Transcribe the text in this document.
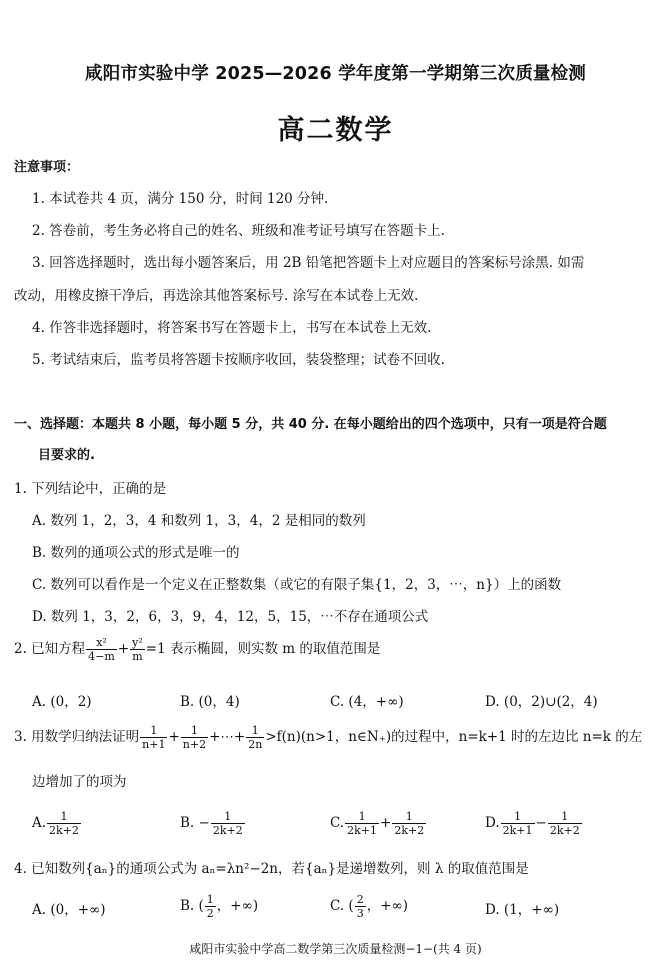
咸阳市实验中学 2025—2026 学年度第一学期第三次质量检测
高二数学
注意事项：
1. 本试卷共 4 页，满分 150 分，时间 120 分钟.
2. 答卷前，考生务必将自己的姓名、班级和准考证号填写在答题卡上.
3. 回答选择题时，选出每小题答案后，用 2B 铅笔把答题卡上对应题目的答案标号涂黑. 如需
改动，用橡皮擦干净后，再选涂其他答案标号. 涂写在本试卷上无效.
4. 作答非选择题时，将答案书写在答题卡上，书写在本试卷上无效.
5. 考试结束后，监考员将答题卡按顺序收回，装袋整理；试卷不回收.
一、选择题：本题共 8 小题，每小题 5 分，共 40 分. 在每小题给出的四个选项中，只有一项是符合题
目要求的.
1. 下列结论中，正确的是
A. 数列 1，2，3，4 和数列 1，3，4，2 是相同的数列
B. 数列的通项公式的形式是唯一的
C. 数列可以看作是一个定义在正整数集（或它的有限子集{1，2，3，⋯，n}）上的函数
D. 数列 1，3，2，6，3，9，4，12，5，15，⋯不存在通项公式
2. 已知方程 $\frac{\text{x²}}{4-m} + \frac{\text{y²}}{m} =1$ 表示椭圆，则实数 m 的取值范围是
A. (0，2)	B. (0，4)	C. (4，+∞)	D. (0，2)∪(2，4)
3. 用数学归纳法证明 $\frac{1}{n+1} + \frac{1}{n+2}$ +⋯+ $\frac{1}{2n} >f(n)(n>1$，n∈N₊)的过程中，n=k+1 时的左边比 n=k 的左
边增加了的项为
A. $\frac{1}{2k+2}$	B. − $\frac{1}{2k+2}$	C. $\frac{1}{2k+1} + \frac{1}{2k+2}$	D. $\frac{1}{2k+1} - \frac{1}{2k+2}$
4. 已知数列{aₙ}的通项公式为 aₙ=λn²−2n，若{aₙ}是递增数列，则 λ 的取值范围是
A. (0，+∞)	B. ( $\frac{1}{2}$ ，+∞)	C. ( $\frac{2}{3}$ ，+∞)	D. (1，+∞)
咸阳市实验中学高二数学第三次质量检测−1−(共 4 页)
